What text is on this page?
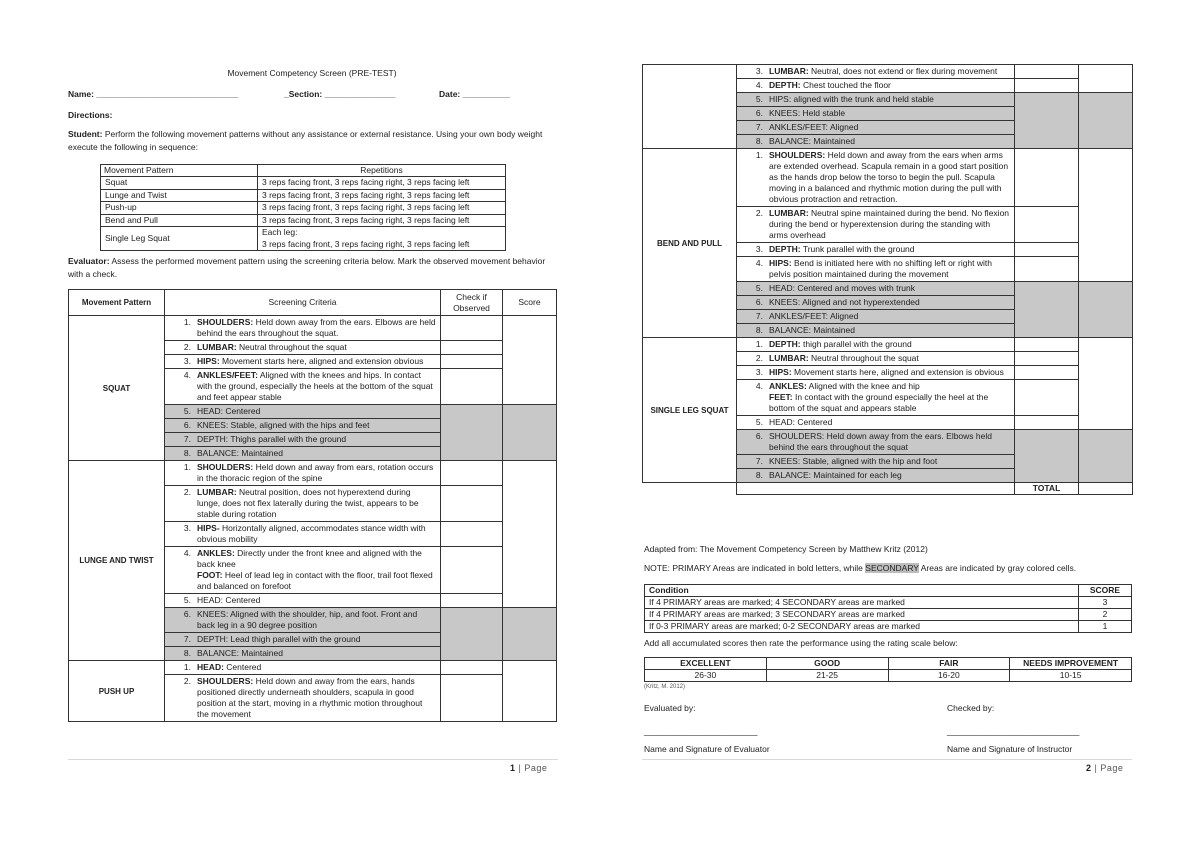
Movement Competency Screen (PRE-TEST)
Name: ______________________________	_Section: _______________	Date: __________
Directions:
Student: Perform the following movement patterns without any assistance or external resistance. Using your own body weight execute the following in sequence:
Movement Pattern	Repetitions
Squat	3 reps facing front, 3 reps facing right, 3 reps facing left
Lunge and Twist	3 reps facing front, 3 reps facing right, 3 reps facing left
Push-up	3 reps facing front, 3 reps facing right, 3 reps facing left
Bend and Pull	3 reps facing front, 3 reps facing right, 3 reps facing left
Single Leg Squat	Each leg:
3 reps facing front, 3 reps facing right, 3 reps facing left
Evaluator: Assess the performed movement pattern using the screening criteria below. Mark the observed movement behavior with a check.
Movement Pattern	Screening Criteria	Check if Observed	Score
SQUAT	1. SHOULDERS: Held down away from the ears. Elbows are held behind the ears throughout the squat.		

	2. LUMBAR: Neutral throughout the squat		

	3. HIPS: Movement starts here, aligned and extension obvious		

	4. ANKLES/FEET: Aligned with the knees and hips. In contact with the ground, especially the heels at the bottom of the squat and feet appear stable		

	5. HEAD: Centered		

	6. KNEES: Stable, aligned with the hips and feet		

	7. DEPTH: Thighs parallel with the ground		

	8. BALANCE: Maintained		

LUNGE AND TWIST	1. SHOULDERS: Held down and away from ears, rotation occurs in the thoracic region of the spine		

	2. LUMBAR: Neutral position, does not hyperextend during lunge, does not flex laterally during the twist, appears to be stable during rotation		

	3. HIPS- Horizontally aligned, accommodates stance width with obvious mobility		

	4. ANKLES: Directly under the front knee and aligned with the back knee
FOOT: Heel of lead leg in contact with the floor, trail foot flexed and balanced on forefoot		

	5. HEAD: Centered		

	6. KNEES: Aligned with the shoulder, hip, and foot. Front and back leg in a 90 degree position		

	7. DEPTH: Lead thigh parallel with the ground		

	8. BALANCE: Maintained		

PUSH UP	1. HEAD: Centered		

	2. SHOULDERS: Held down and away from the ears, hands positioned directly underneath shoulders, scapula in good position at the start, moving in a rhythmic motion throughout the movement		

1 | Page

	3. LUMBAR: Neutral, does not extend or flex during movement		

	4. DEPTH: Chest touched the floor		

	5. HIPS: aligned with the trunk and held stable		

	6. KNEES: Held stable		

	7. ANKLES/FEET: Aligned		

	8. BALANCE: Maintained		

BEND AND PULL	1. SHOULDERS: Held down and away from the ears when arms are extended overhead. Scapula remain in a good start position as the hands drop below the torso to begin the pull. Scapula moving in a balanced and rhythmic motion during the pull with obvious protraction and retraction.		

	2. LUMBAR: Neutral spine maintained during the bend. No flexion during the bend or hyperextension during the standing with arms overhead		

	3. DEPTH: Trunk parallel with the ground		

	4. HIPS: Bend is initiated here with no shifting left or right with pelvis position maintained during the movement		

	5. HEAD: Centered and moves with trunk		

	6. KNEES: Aligned and not hyperextended		

	7. ANKLES/FEET: Aligned		

	8. BALANCE: Maintained		

SINGLE LEG SQUAT	1. DEPTH: thigh parallel with the ground		

	2. LUMBAR: Neutral throughout the squat		

	3. HIPS: Movement starts here, aligned and extension is obvious		

	4. ANKLES: Aligned with the knee and hip
FEET: In contact with the ground especially the heel at the bottom of the squat and appears stable		

	5. HEAD: Centered		

	6. SHOULDERS: Held down away from the ears. Elbows held behind the ears throughout the squat		

	7. KNEES: Stable, aligned with the hip and foot		

	8. BALANCE: Maintained for each leg		

		TOTAL	
Adapted from: The Movement Competency Screen by Matthew Kritz (2012)
NOTE: PRIMARY Areas are indicated in bold letters, while SECONDARY Areas are indicated by gray colored cells.
Condition	SCORE
If 4 PRIMARY areas are marked; 4 SECONDARY areas are marked	3
If 4 PRIMARY areas are marked; 3 SECONDARY areas are marked	2
If 0-3 PRIMARY areas are marked; 0-2 SECONDARY areas are marked	1
Add all accumulated scores then rate the performance using the rating scale below:
EXCELLENT	GOOD	FAIR	NEEDS IMPROVEMENT
26-30	21-25	16-20	10-15
(Kritz, M. 2012)
Evaluated by:	Checked by:
________________________	____________________________
Name and Signature of Evaluator	Name and Signature of Instructor
2 | Page
